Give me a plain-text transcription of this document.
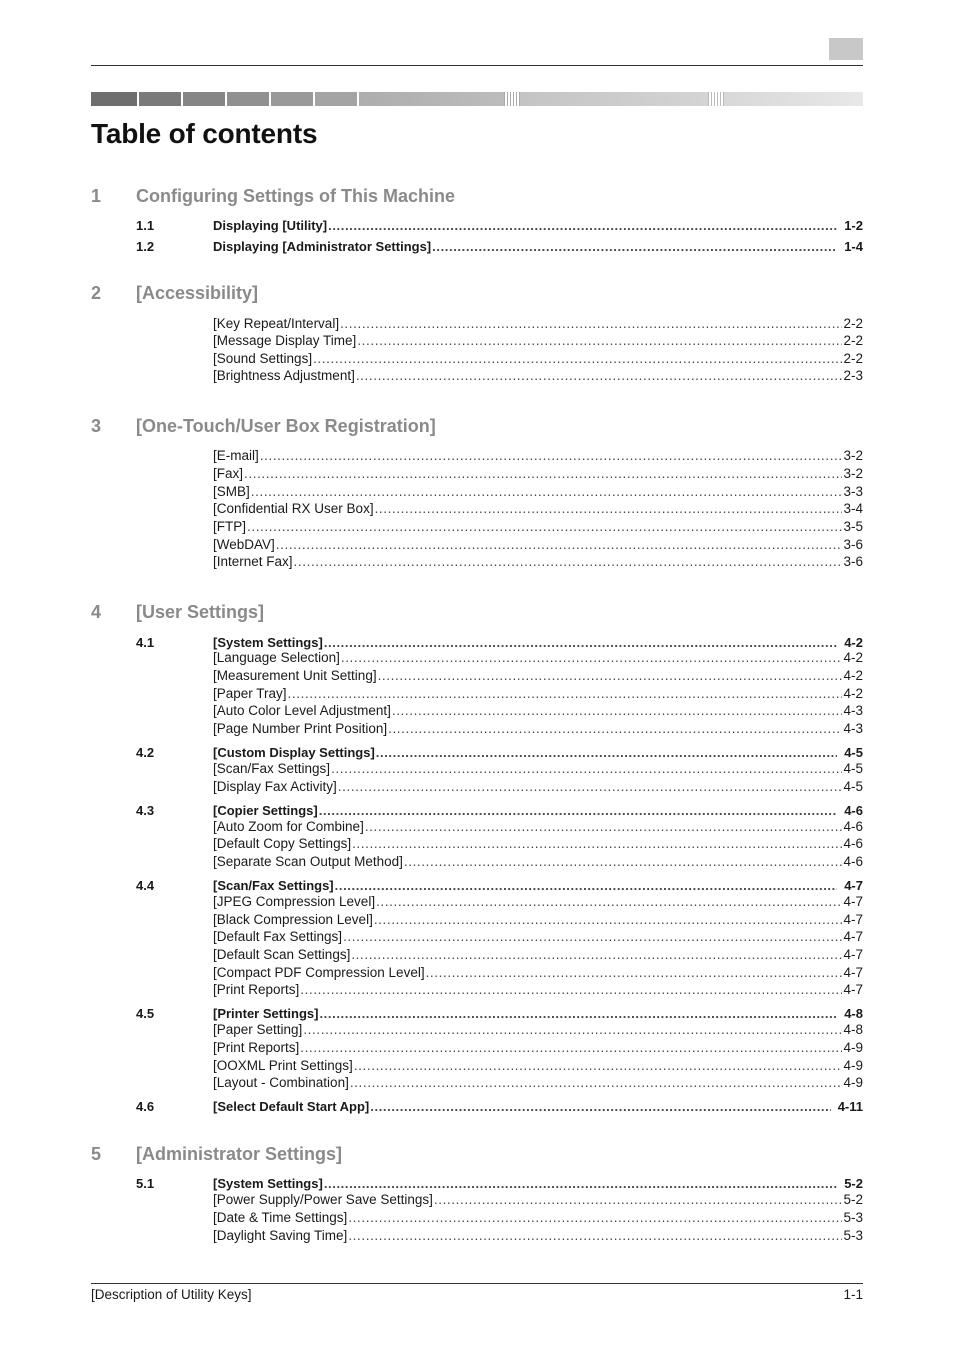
Table of contents
1 Configuring Settings of This Machine
1.1	Displaying [Utility] .....	1-2
1.2	Displaying [Administrator Settings] .....	1-4
2 [Accessibility]
[Key Repeat/Interval] .....	2-2
[Message Display Time] .....	2-2
[Sound Settings] .....	2-2
[Brightness Adjustment] .....	2-3
3 [One-Touch/User Box Registration]
[E-mail] .....	3-2
[Fax] .....	3-2
[SMB] .....	3-3
[Confidential RX User Box] .....	3-4
[FTP] .....	3-5
[WebDAV] .....	3-6
[Internet Fax] .....	3-6
4 [User Settings]
4.1	[System Settings] .....	4-2
[Language Selection] .....	4-2
[Measurement Unit Setting] .....	4-2
[Paper Tray] .....	4-2
[Auto Color Level Adjustment] .....	4-3
[Page Number Print Position] .....	4-3
4.2	[Custom Display Settings] .....	4-5
[Scan/Fax Settings] .....	4-5
[Display Fax Activity] .....	4-5
4.3	[Copier Settings] .....	4-6
[Auto Zoom for Combine] .....	4-6
[Default Copy Settings] .....	4-6
[Separate Scan Output Method] .....	4-6
4.4	[Scan/Fax Settings] .....	4-7
[JPEG Compression Level] .....	4-7
[Black Compression Level] .....	4-7
[Default Fax Settings] .....	4-7
[Default Scan Settings] .....	4-7
[Compact PDF Compression Level] .....	4-7
[Print Reports] .....	4-7
4.5	[Printer Settings] .....	4-8
[Paper Setting] .....	4-8
[Print Reports] .....	4-9
[OOXML Print Settings] .....	4-9
[Layout - Combination] .....	4-9
4.6	[Select Default Start App] .....	4-11
5 [Administrator Settings]
5.1	[System Settings] .....	5-2
[Power Supply/Power Save Settings] .....	5-2
[Date & Time Settings] .....	5-3
[Daylight Saving Time] .....	5-3
[Description of Utility Keys]	1-1
